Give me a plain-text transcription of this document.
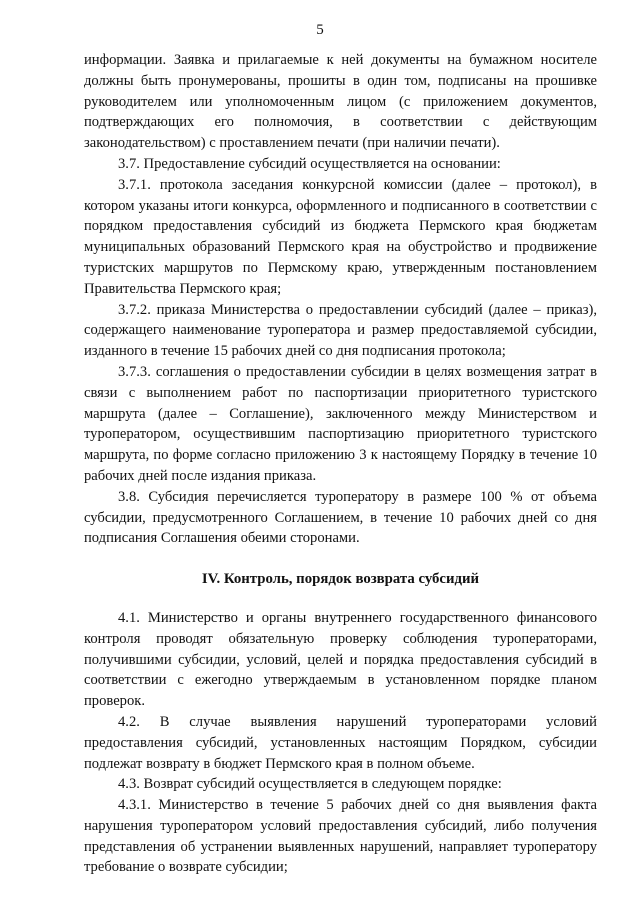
5

информации. Заявка и прилагаемые к ней документы на бумажном носителе должны быть пронумерованы, прошиты в один том, подписаны на прошивке руководителем или уполномоченным лицом (с приложением документов, подтверждающих его полномочия, в соответствии с действующим законодательством) с проставлением печати (при наличии печати).

3.7. Предоставление субсидий осуществляется на основании:

3.7.1. протокола заседания конкурсной комиссии (далее – протокол), в котором указаны итоги конкурса, оформленного и подписанного в соответствии с порядком предоставления субсидий из бюджета Пермского края бюджетам муниципальных образований Пермского края на обустройство и продвижение туристских маршрутов по Пермскому краю, утвержденным постановлением Правительства Пермского края;

3.7.2. приказа Министерства о предоставлении субсидий (далее – приказ), содержащего наименование туроператора и размер предоставляемой субсидии, изданного в течение 15 рабочих дней со дня подписания протокола;

3.7.3. соглашения о предоставлении субсидии в целях возмещения затрат в связи с выполнением работ по паспортизации приоритетного туристского маршрута (далее – Соглашение), заключенного между Министерством и туроператором, осуществившим паспортизацию приоритетного туристского маршрута, по форме согласно приложению 3 к настоящему Порядку в течение 10 рабочих дней после издания приказа.

3.8. Субсидия перечисляется туроператору в размере 100 % от объема субсидии, предусмотренного Соглашением, в течение 10 рабочих дней со дня подписания Соглашения обеими сторонами.

IV. Контроль, порядок возврата субсидий

4.1. Министерство и органы внутреннего государственного финансового контроля проводят обязательную проверку соблюдения туроператорами, получившими субсидии, условий, целей и порядка предоставления субсидий в соответствии с ежегодно утверждаемым в установленном порядке планом проверок.

4.2. В случае выявления нарушений туроператорами условий предоставления субсидий, установленных настоящим Порядком, субсидии подлежат возврату в бюджет Пермского края в полном объеме.

4.3. Возврат субсидий осуществляется в следующем порядке:

4.3.1. Министерство в течение 5 рабочих дней со дня выявления факта нарушения туроператором условий предоставления субсидий, либо получения представления об устранении выявленных нарушений, направляет туроператору требование о возврате субсидии;
